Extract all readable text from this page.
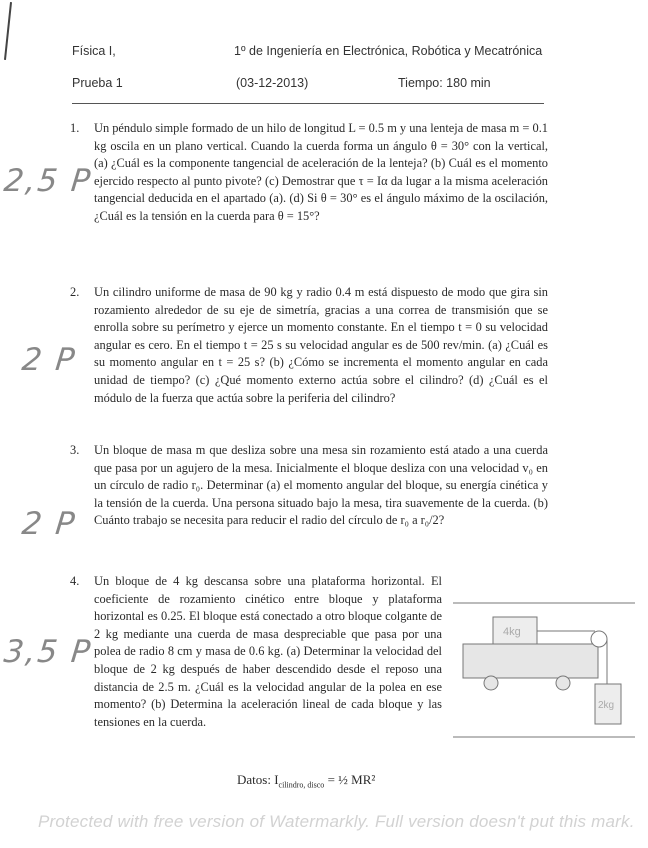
Física I,	1º de Ingeniería en Electrónica, Robótica y Mecatrónica
Prueba 1	(03-12-2013)	Tiempo: 180 min
2,5 P
2 P
2 P
3,5 P
1. Un péndulo simple formado de un hilo de longitud L = 0.5 m y una lenteja de masa m = 0.1 kg oscila en un plano vertical. Cuando la cuerda forma un ángulo θ = 30° con la vertical, (a) ¿Cuál es la componente tangencial de aceleración de la lenteja? (b) Cuál es el momento ejercido respecto al punto pivote? (c) Demostrar que τ = Iα da lugar a la misma aceleración tangencial deducida en el apartado (a). (d) Si θ = 30° es el ángulo máximo de la oscilación, ¿Cuál es la tensión en la cuerda para θ = 15°?
2. Un cilindro uniforme de masa de 90 kg y radio 0.4 m está dispuesto de modo que gira sin rozamiento alrededor de su eje de simetría, gracias a una correa de transmisión que se enrolla sobre su perímetro y ejerce un momento constante. En el tiempo t = 0 su velocidad angular es cero. En el tiempo t = 25 s su velocidad angular es de 500 rev/min. (a) ¿Cuál es su momento angular en t = 25 s? (b) ¿Cómo se incrementa el momento angular en cada unidad de tiempo? (c) ¿Qué momento externo actúa sobre el cilindro? (d) ¿Cuál es el módulo de la fuerza que actúa sobre la periferia del cilindro?
3. Un bloque de masa m que desliza sobre una mesa sin rozamiento está atado a una cuerda que pasa por un agujero de la mesa. Inicialmente el bloque desliza con una velocidad v₀ en un círculo de radio r₀. Determinar (a) el momento angular del bloque, su energía cinética y la tensión de la cuerda. Una persona situado bajo la mesa, tira suavemente de la cuerda. (b) Cuánto trabajo se necesita para reducir el radio del círculo de r₀ a r₀/2?
4. Un bloque de 4 kg descansa sobre una plataforma horizontal. El coeficiente de rozamiento cinético entre bloque y plataforma horizontal es 0.25. El bloque está conectado a otro bloque colgante de 2 kg mediante una cuerda de masa despreciable que pasa por una polea de radio 8 cm y masa de 0.6 kg. (a) Determinar la velocidad del bloque de 2 kg después de haber descendido desde el reposo una distancia de 2.5 m. ¿Cuál es la velocidad angular de la polea en ese momento? (b) Determina la aceleración lineal de cada bloque y las tensiones en la cuerda.
4kg
2kg
Datos: $I_{cilindro, disco}$ = ½ MR²
Protected with free version of Watermarkly. Full version doesn't put this mark.
